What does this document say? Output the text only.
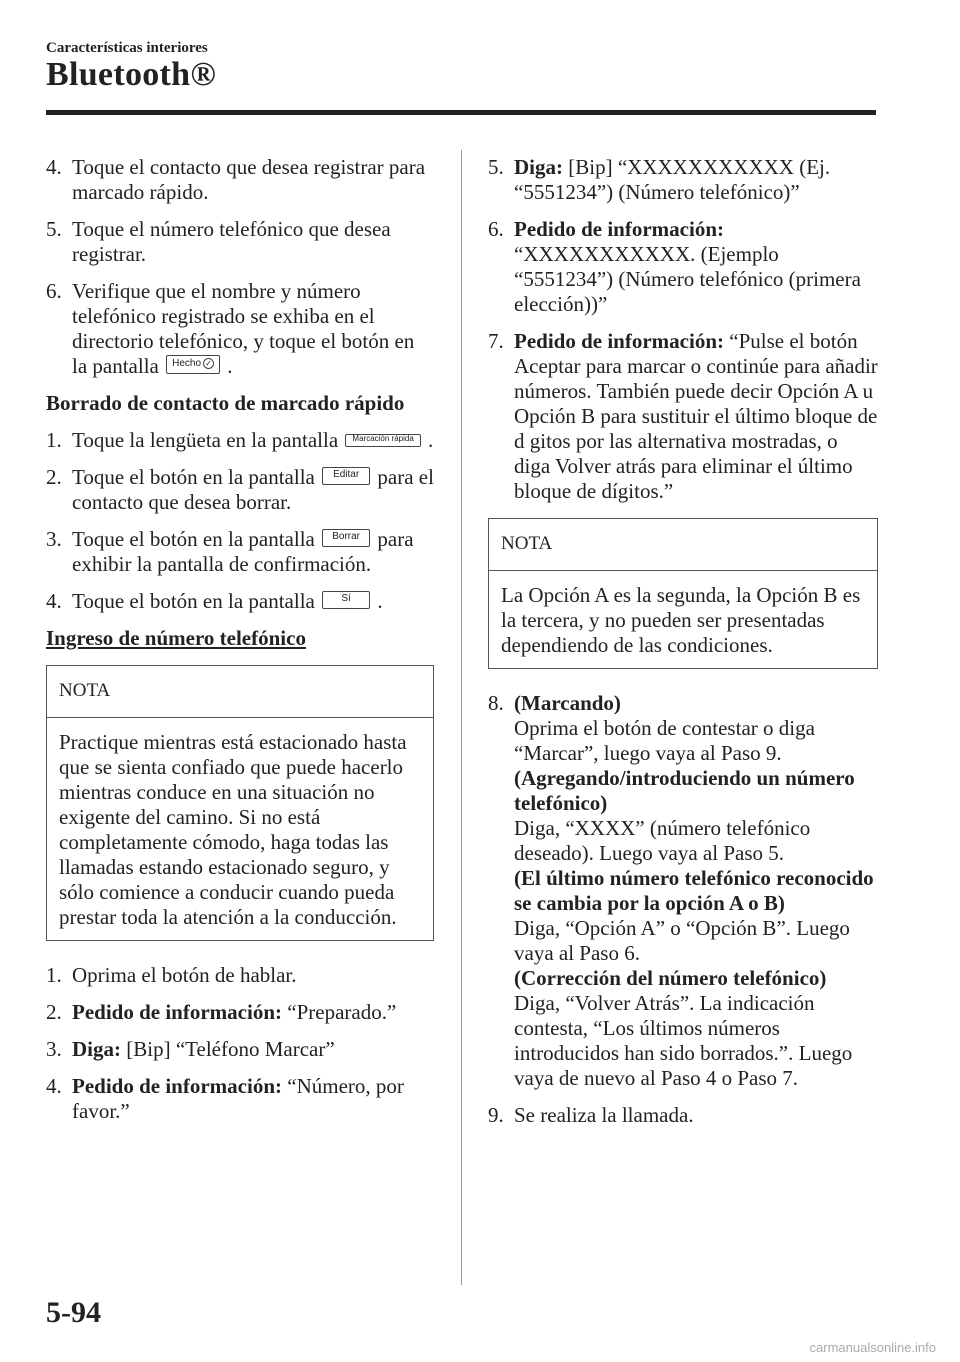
Características interiores
Bluetooth®
4. Toque el contacto que desea registrar para marcado rápido.
5. Toque el número telefónico que desea registrar.
6. Verifique que el nombre y número telefónico registrado se exhiba en el directorio telefónico, y toque el botón en la pantalla Hecho ✓ .
Borrado de contacto de marcado rápido
1. Toque la lengüeta en la pantalla Marcación rápida .
2. Toque el botón en la pantalla Editar para el contacto que desea borrar.
3. Toque el botón en la pantalla Borrar para exhibir la pantalla de confirmación.
4. Toque el botón en la pantalla	Sí .
Ingreso de número telefónico
NOTA
Practique mientras está estacionado hasta que se sienta confiado que puede hacerlo mientras conduce en una situación no exigente del camino. Si no está completamente cómodo, haga todas las llamadas estando estacionado seguro, y sólo comience a conducir cuando pueda prestar toda la atención a la conducción.
1. Oprima el botón de hablar.
2. Pedido de información: “Preparado.”
3. Diga: [Bip] “Teléfono Marcar”
4. Pedido de información: “Número, por favor.”
5. Diga: [Bip] “XXXXXXXXXXX (Ej. “5551234”) (Número telefónico)”
6. Pedido de información:
“XXXXXXXXXXX. (Ejemplo “5551234”) (Número telefónico (primera elección))”
7. Pedido de información: “Pulse el botón Aceptar para marcar o continúe para añadir números. También puede decir Opción A u Opción B para sustituir el último bloque de d gitos por las alternativa mostradas, o diga Volver atrás para eliminar el último bloque de dígitos.”
NOTA
La Opción A es la segunda, la Opción B es la tercera, y no pueden ser presentadas dependiendo de las condiciones.
8. (Marcando)
Oprima el botón de contestar o diga “Marcar”, luego vaya al Paso 9.
(Agregando/introduciendo un número telefónico)
Diga, “XXXX” (número telefónico deseado). Luego vaya al Paso 5.
(El último número telefónico reconocido se cambia por la opción A o B)
Diga, “Opción A” o “Opción B”. Luego vaya al Paso 6.
(Corrección del número telefónico)
Diga, “Volver Atrás”. La indicación contesta, “Los últimos números introducidos han sido borrados.”. Luego vaya de nuevo al Paso 4 o Paso 7.
9. Se realiza la llamada.
5-94
carmanualsonline.info
